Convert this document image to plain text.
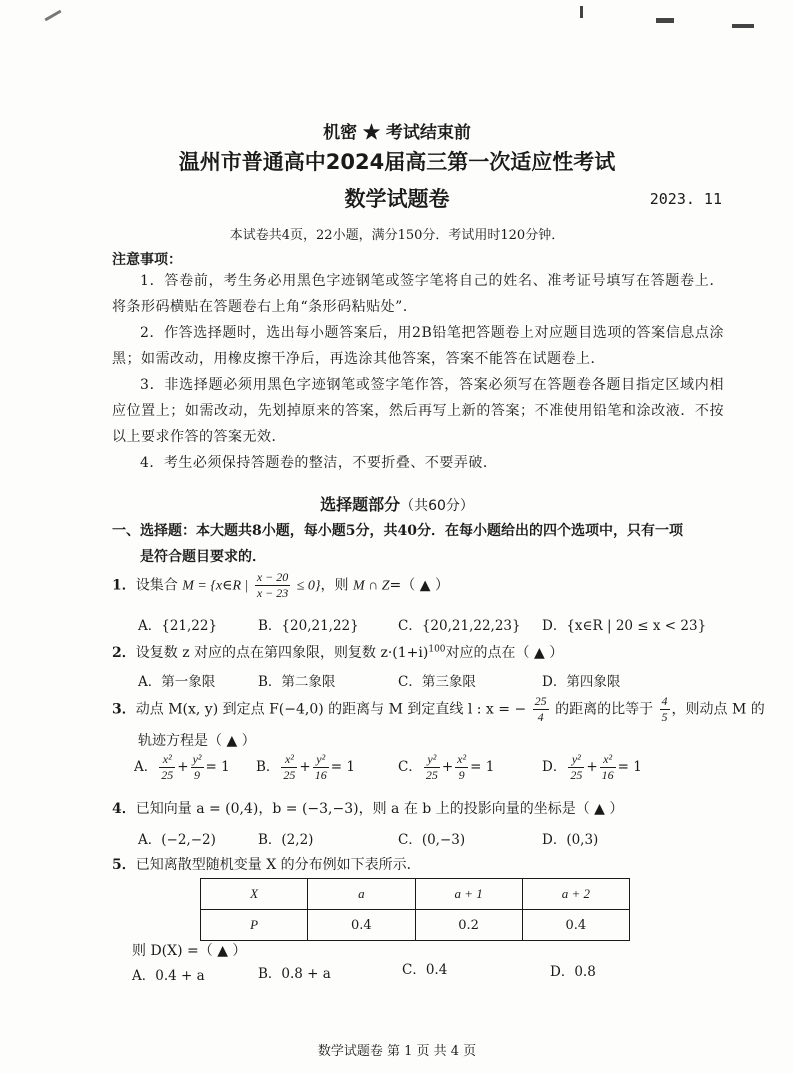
机密 ★ 考试结束前
温州市普通高中2024届高三第一次适应性考试
数学试题卷	2023. 11
本试卷共4页，22小题，满分150分．考试用时120分钟．
注意事项：

1．答卷前，考生务必用黑色字迹钢笔或签字笔将自己的姓名、准考证号填写在答题卷上．将条形码横贴在答题卷右上角“条形码粘贴处”．

2．作答选择题时，选出每小题答案后，用2B铅笔把答题卷上对应题目选项的答案信息点涂黑；如需改动，用橡皮擦干净后，再选涂其他答案，答案不能答在试题卷上．

3．非选择题必须用黑色字迹钢笔或签字笔作答，答案必须写在答题卷各题目指定区域内相应位置上；如需改动，先划掉原来的答案，然后再写上新的答案；不准使用铅笔和涂改液．不按以上要求作答的答案无效．

4．考生必须保持答题卷的整洁，不要折叠、不要弄破．

选择题部分（共60分）
一、选择题：本大题共8小题，每小题5分，共40分．在每小题给出的四个选项中，只有一项
是符合题目要求的．
1．设集合 M = {x∈R | $\frac{x - 20}{x - 23} \le 0$}，则 M ∩ Z=（ ▲ ）
A．{21,22}	B．{20,21,22}	C．{20,21,22,23} D．{x∈R | 20 ≤ x < 23}
2．设复数 z 对应的点在第四象限，则复数 $z\cdot(1+i)^{100}$对应的点在（ ▲ ）
A．第一象限	B．第二象限	C．第三象限	D．第四象限
3．动点 M(x, y) 到定点 F(−4,0) 的距离与 M 到定直线 l : x = − $\frac{25}{4}$ 的距离的比等于 $\frac{4}{5}$ ，则动点 M 的
轨迹方程是（ ▲ ）
A． $\frac{\text{x²}}{25} + \frac{\text{y²}}{9} = 1$ B． $\frac{\text{x²}}{25} + \frac{\text{y²}}{16} = 1$	C． $\frac{\text{y²}}{25} + \frac{\text{x²}}{9} = 1$	D． $\frac{\text{y²}}{25} + \frac{\text{x²}}{16} = 1$
4．已知向量 a = (0,4)，b = (−3,−3)，则 a 在 b 上的投影向量的坐标是（ ▲ ）
A．(−2,−2)	B．(2,2)	C．(0,−3)	D．(0,3)
5．已知离散型随机变量 X 的分布例如下表所示．
X	a	a + 1	a + 2
P	0.4	0.2	0.4
则 D(X) =（ ▲ ）
A．0.4 + a	B．0.8 + a	C．0.4	D．0.8
数学试题卷 第 1 页 共 4 页
